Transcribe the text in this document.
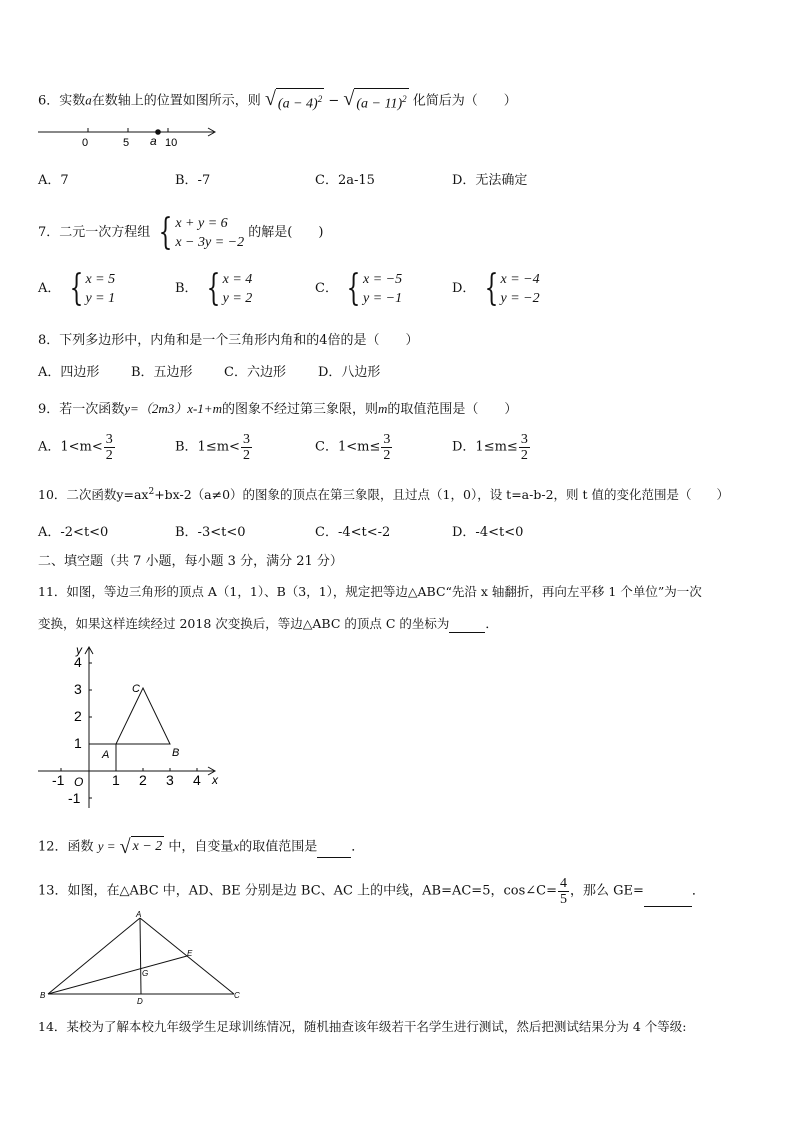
6．实数a在数轴上的位置如图所示，则 √ $(a - 4)^2$ − √ $(a - 11)^2$ 化简后为（　　）
0	5 a 10
A．7	B．-7	C．2a-15	D．无法确定
7．二元一次方程组 { x + y = 6
x − 3y = −2
的解是(　　)
A． { x = 5
y = 1
B． { x = 4
y = 2
C． { x = −5
y = −1
D． { x = −4
y = −2
8．下列多边形中，内角和是一个三角形内角和的4倍的是（　　）
A．四边形 B．五边形 C．六边形 D．八边形
9．若一次函数y=（2m3）x-1+m的图象不经过第三象限，则m的取值范围是（　　）
A．$1<m< \frac{3}{2}$	B．$1\le m< \frac{3}{2}$	C．$1<m\le \frac{3}{2}$	D．$1\le m\le \frac{3}{2}$
10．二次函数$y=ax^2+bx-2(a\ne 0)$的图象的顶点在第三象限，且过点（1，0），设 t=a-b-2，则 t 值的变化范围是（　　）
A．-2<t<0	B．-3<t<0	C．-4<t<-2	D．-4<t<0
二、填空题（共 7 小题，每小题 3 分，满分 21 分）
11．如图，等边三角形的顶点 A（1，1）、B（3，1），规定把等边△ABC“先沿 x 轴翻折，再向左平移 1 个单位”为一次
变换，如果这样连续经过 2018 次变换后，等边△ABC 的顶点 C 的坐标为	．
y
x
O
4
3
2
1
-1
-1	1 2 3 4
A	B
C
12．函数 y = √ x − 2 中，自变量x的取值范围是	．
13．如图，在△ABC 中，AD、BE 分别是边 BC、AC 上的中线，AB=AC=5，cos∠C= $\frac{4}{5}$ ，那么 GE=	．
A
B	C
D
E
G
14．某校为了解本校九年级学生足球训练情况，随机抽查该年级若干名学生进行测试，然后把测试结果分为 4 个等级:
